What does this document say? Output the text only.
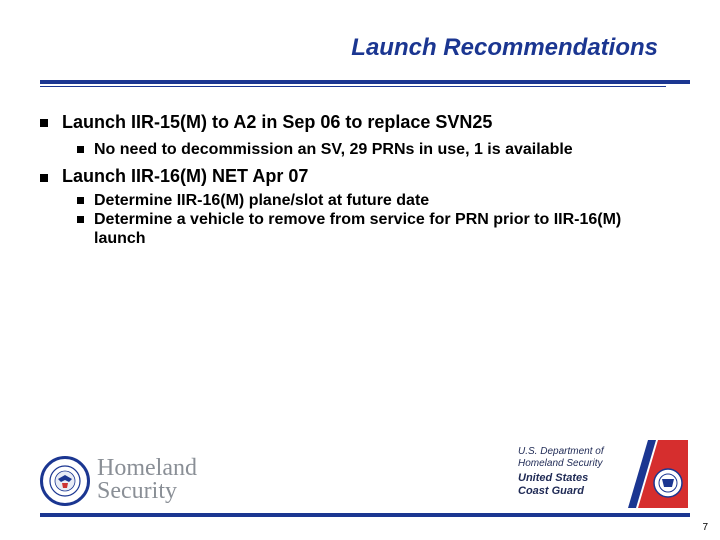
Launch Recommendations
Launch IIR-15(M) to A2 in Sep 06 to replace SVN25
No need to decommission an SV, 29 PRNs in use, 1 is available
Launch IIR-16(M) NET Apr 07
Determine IIR-16(M) plane/slot at future date
Determine a vehicle to remove from service for PRN prior to IIR-16(M) launch
Homeland
Security
U.S. Department of
Homeland Security
United States
Coast Guard
7
